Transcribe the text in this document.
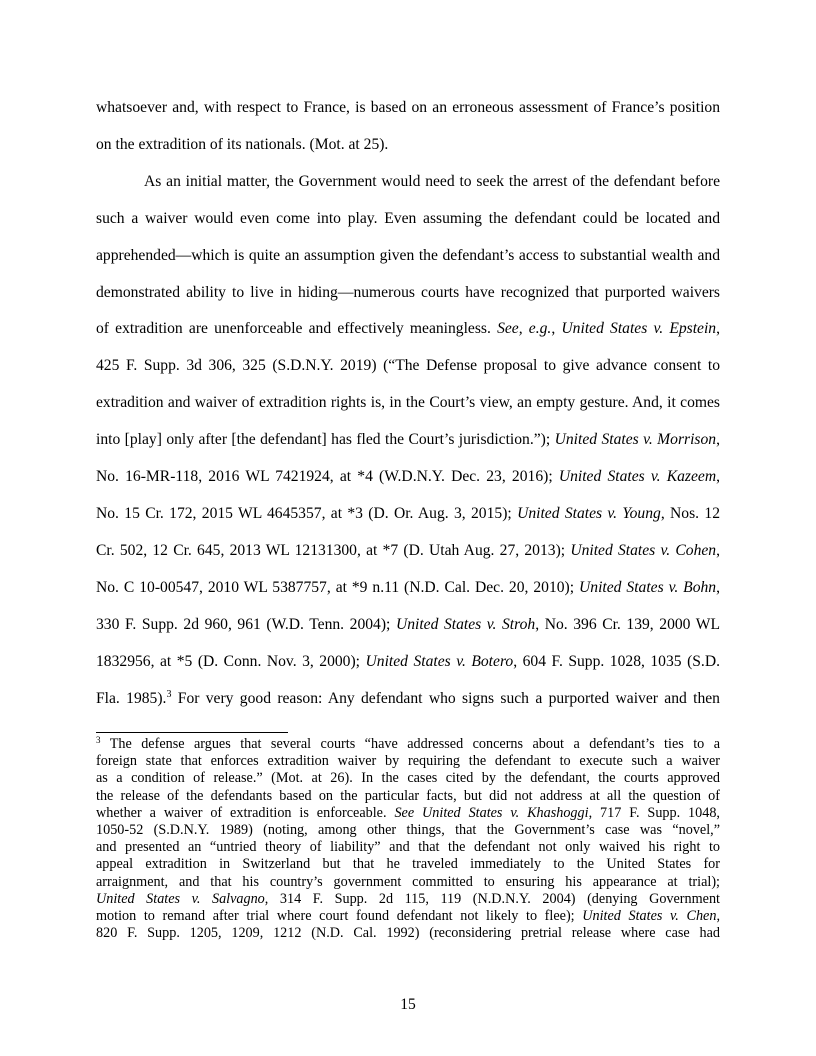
whatsoever and, with respect to France, is based on an erroneous assessment of France’s position
on the extradition of its nationals. (Mot. at 25).

As an initial matter, the Government would need to seek the arrest of the defendant before
such a waiver would even come into play. Even assuming the defendant could be located and
apprehended—which is quite an assumption given the defendant’s access to substantial wealth and
demonstrated ability to live in hiding—numerous courts have recognized that purported waivers
of extradition are unenforceable and effectively meaningless. See, e.g., United States v. Epstein,
425 F. Supp. 3d 306, 325 (S.D.N.Y. 2019) (“The Defense proposal to give advance consent to
extradition and waiver of extradition rights is, in the Court’s view, an empty gesture. And, it comes
into [play] only after [the defendant] has fled the Court’s jurisdiction.”); United States v. Morrison,
No. 16-MR-118, 2016 WL 7421924, at *4 (W.D.N.Y. Dec. 23, 2016); United States v. Kazeem,
No. 15 Cr. 172, 2015 WL 4645357, at *3 (D. Or. Aug. 3, 2015); United States v. Young, Nos. 12
Cr. 502, 12 Cr. 645, 2013 WL 12131300, at *7 (D. Utah Aug. 27, 2013); United States v. Cohen,
No. C 10-00547, 2010 WL 5387757, at *9 n.11 (N.D. Cal. Dec. 20, 2010); United States v. Bohn,
330 F. Supp. 2d 960, 961 (W.D. Tenn. 2004); United States v. Stroh, No. 396 Cr. 139, 2000 WL
1832956, at *5 (D. Conn. Nov. 3, 2000); United States v. Botero, 604 F. Supp. 1028, 1035 (S.D.
Fla. 1985).$^3$ For very good reason: Any defendant who signs such a purported waiver and then

$^3$ The defense argues that several courts “have addressed concerns about a defendant’s ties to a
foreign state that enforces extradition waiver by requiring the defendant to execute such a waiver
as a condition of release.” (Mot. at 26). In the cases cited by the defendant, the courts approved
the release of the defendants based on the particular facts, but did not address at all the question of
whether a waiver of extradition is enforceable. See United States v. Khashoggi, 717 F. Supp. 1048,
1050-52 (S.D.N.Y. 1989) (noting, among other things, that the Government’s case was “novel,”
and presented an “untried theory of liability” and that the defendant not only waived his right to
appeal extradition in Switzerland but that he traveled immediately to the United States for
arraignment, and that his country’s government committed to ensuring his appearance at trial);
United States v. Salvagno, 314 F. Supp. 2d 115, 119 (N.D.N.Y. 2004) (denying Government
motion to remand after trial where court found defendant not likely to flee); United States v. Chen,
820 F. Supp. 1205, 1209, 1212 (N.D. Cal. 1992) (reconsidering pretrial release where case had
15
